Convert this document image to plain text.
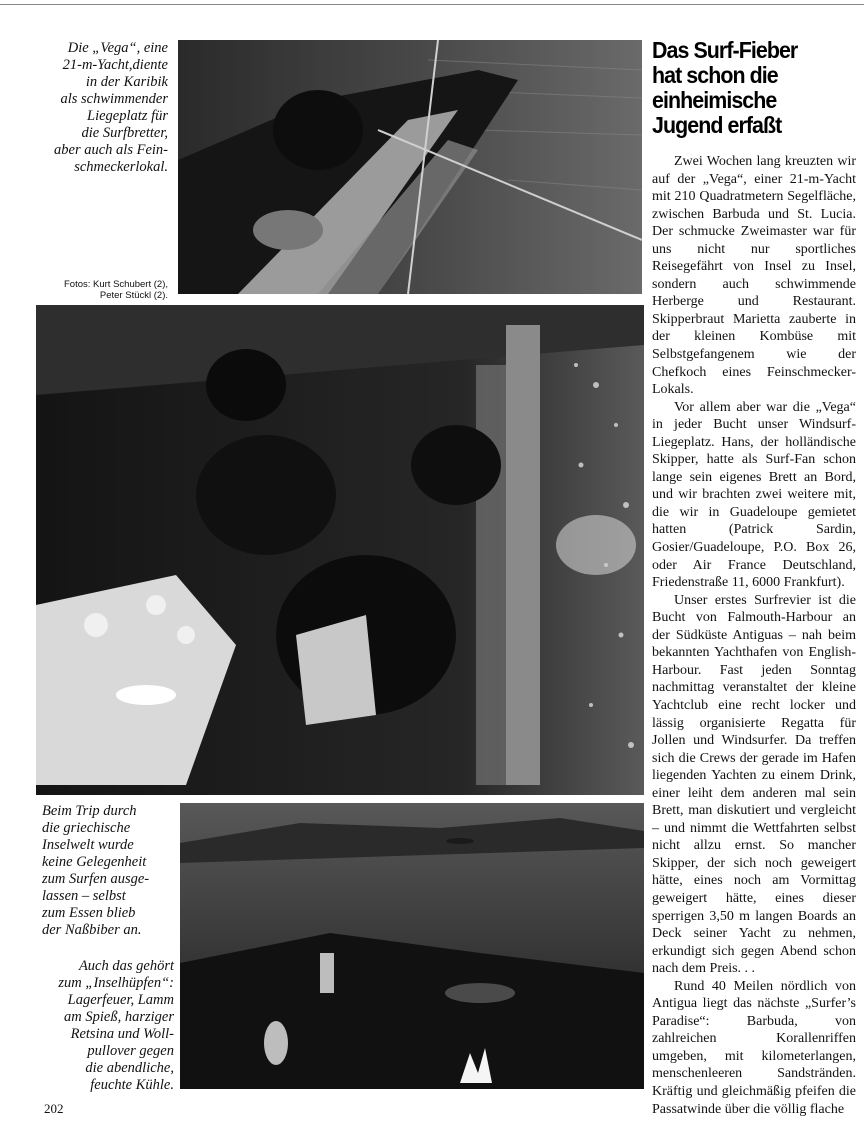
Die „Vega“, eine
21-m-Yacht,diente
in der Karibik
als schwimmender
Liegeplatz für
die Surfbretter,
aber auch als Fein-
schmeckerlokal.
Fotos: Kurt Schubert (2),
Peter Stückl (2).
Das Surf-Fieber
hat schon die
einheimische
Jugend erfaßt
Beim Trip durch
die griechische
Inselwelt wurde
keine Gelegenheit
zum Surfen ausge-
lassen – selbst
zum Essen blieb
der Naßbiber an.
Auch das gehört
zum „Inselhüpfen“:
Lagerfeuer, Lamm
am Spieß, harziger
Retsina und Woll-
pullover gegen
die abendliche,
feuchte Kühle.

Zwei Wochen lang kreuzten wir auf der „Vega“, einer 21-m-Yacht mit 210 Quadratmetern Segelfläche, zwischen Barbuda und St. Lucia. Der schmucke Zweimaster war für uns nicht nur sportliches Reisegefährt von Insel zu Insel, sondern auch schwimmende Herberge und Restaurant. Skipperbraut Marietta zauberte in der kleinen Kombüse mit Selbstgefangenem wie der Chefkoch eines Feinschmecker-Lokals.

Vor allem aber war die „Vega“ in jeder Bucht unser Windsurf-Liegeplatz. Hans, der holländische Skipper, hatte als Surf-Fan schon lange sein eigenes Brett an Bord, und wir brachten zwei weitere mit, die wir in Guadeloupe gemietet hatten (Patrick Sardin, Gosier/Guadeloupe, P.O. Box 26, oder Air France Deutschland, Friedenstraße 11, 6000 Frankfurt).

Unser erstes Surfrevier ist die Bucht von Falmouth-Harbour an der Südküste Antiguas – nah beim bekannten Yachthafen von English-Harbour. Fast jeden Sonntag nachmittag veranstaltet der kleine Yachtclub eine recht locker und lässig organisierte Regatta für Jollen und Windsurfer. Da treffen sich die Crews der gerade im Hafen liegenden Yachten zu einem Drink, einer leiht dem anderen mal sein Brett, man diskutiert und vergleicht – und nimmt die Wettfahrten selbst nicht allzu ernst. So mancher Skipper, der sich noch geweigert hätte, eines noch am Vormittag geweigert hätte, eines dieser sperrigen 3,50 m langen Boards an Deck seiner Yacht zu nehmen, erkundigt sich gegen Abend schon nach dem Preis. . .

Rund 40 Meilen nördlich von Antigua liegt das nächste „Surfer’s Paradise“: Barbuda, von zahlreichen Korallenriffen umgeben, mit kilometerlangen, menschenleeren Sandstränden. Kräftig und gleichmäßig pfeifen die Passatwinde über die völlig flache

202
